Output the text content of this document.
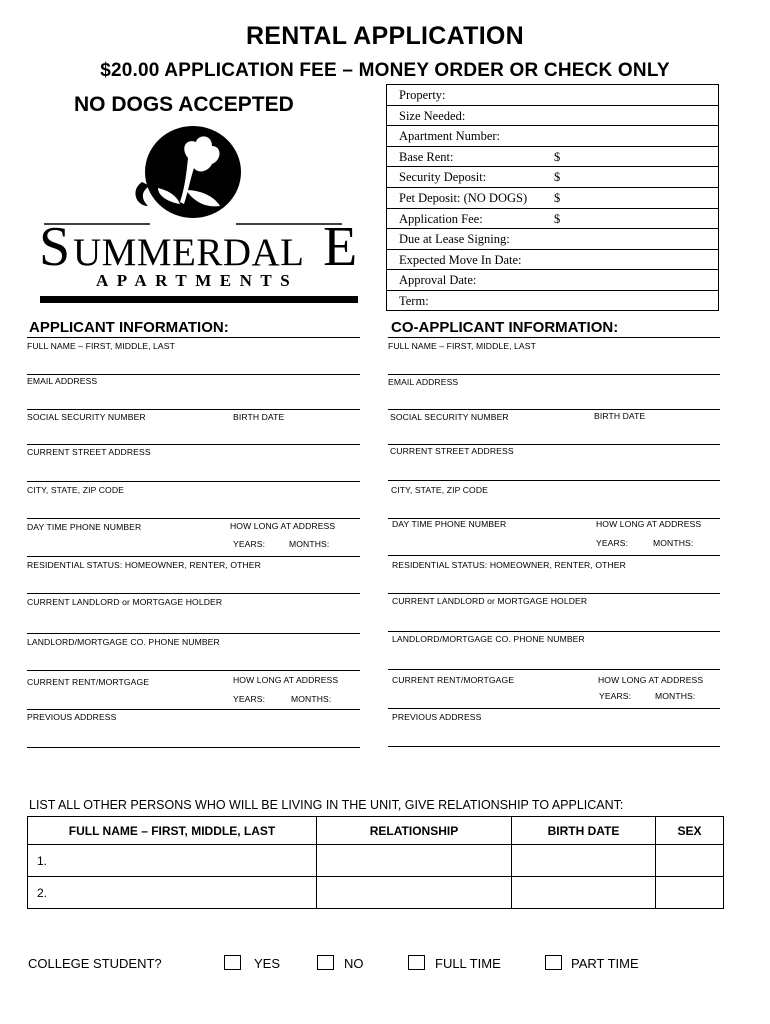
RENTAL APPLICATION
$20.00 APPLICATION FEE – MONEY ORDER OR CHECK ONLY
NO DOGS ACCEPTED
S UMMERDAL E
APARTMENTS
Property:
Size Needed:
Apartment Number:
Base Rent:	$
Security Deposit:	$
Pet Deposit: (NO DOGS) $
Application Fee:	$
Due at Lease Signing:
Expected Move In Date:
Approval Date:
Term:
APPLICANT INFORMATION:
FULL NAME – FIRST, MIDDLE, LAST
EMAIL ADDRESS
SOCIAL SECURITY NUMBER	BIRTH DATE
CURRENT STREET ADDRESS
CITY, STATE, ZIP CODE
DAY TIME PHONE NUMBER	HOW LONG AT ADDRESS
YEARS:	MONTHS:
RESIDENTIAL STATUS: HOMEOWNER, RENTER, OTHER
CURRENT LANDLORD or MORTGAGE HOLDER
LANDLORD/MORTGAGE CO. PHONE NUMBER
CURRENT RENT/MORTGAGE	HOW LONG AT ADDRESS
YEARS:	MONTHS:
PREVIOUS ADDRESS
CO-APPLICANT INFORMATION:
FULL NAME – FIRST, MIDDLE, LAST
EMAIL ADDRESS
SOCIAL SECURITY NUMBER	BIRTH DATE
CURRENT STREET ADDRESS
CITY, STATE, ZIP CODE
DAY TIME PHONE NUMBER	HOW LONG AT ADDRESS
YEARS:	MONTHS:
RESIDENTIAL STATUS: HOMEOWNER, RENTER, OTHER
CURRENT LANDLORD or MORTGAGE HOLDER
LANDLORD/MORTGAGE CO. PHONE NUMBER
CURRENT RENT/MORTGAGE	HOW LONG AT ADDRESS
YEARS:	MONTHS:
PREVIOUS ADDRESS
LIST ALL OTHER PERSONS WHO WILL BE LIVING IN THE UNIT, GIVE RELATIONSHIP TO APPLICANT:
FULL NAME – FIRST, MIDDLE, LAST	RELATIONSHIP	BIRTH DATE	SEX
1.			
2.			
COLLEGE STUDENT?	YES	NO	FULL TIME	PART TIME
